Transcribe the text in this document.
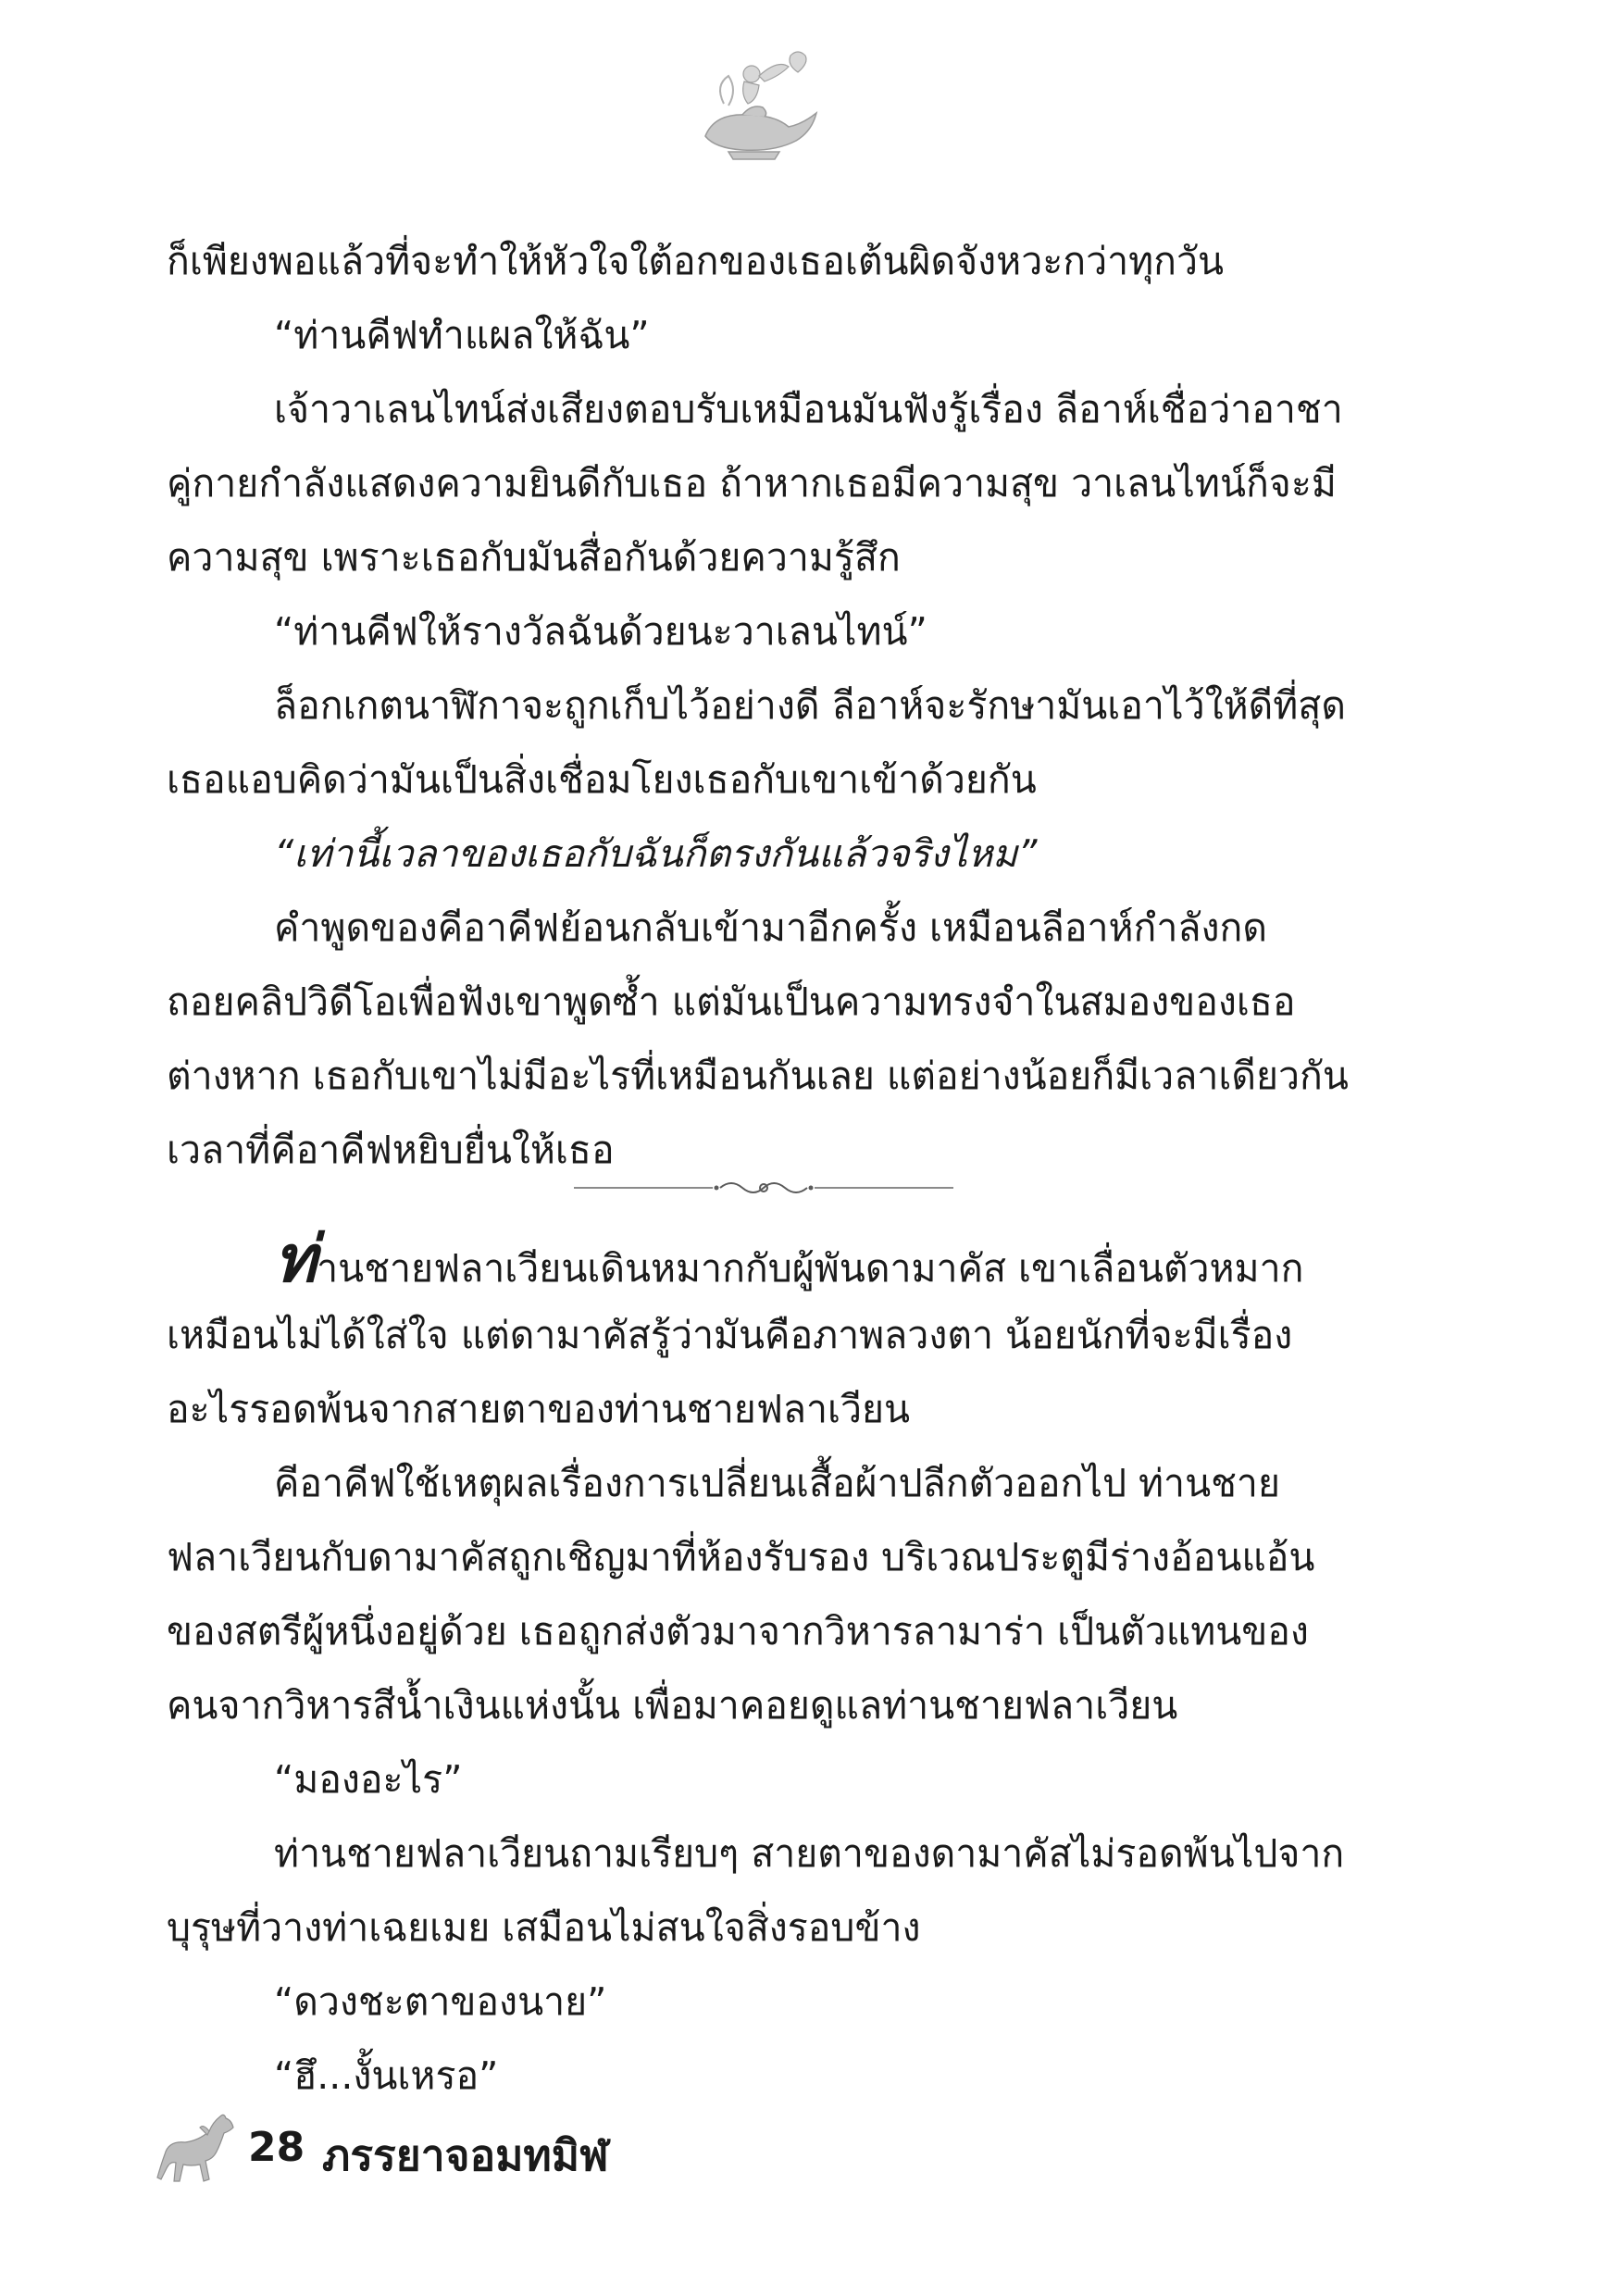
ก็เพียงพอแล้วที่จะทำให้หัวใจใต้อกของเธอเต้นผิดจังหวะกว่าทุกวัน
“ท่านคีฟทำแผลให้ฉัน”
เจ้าวาเลนไทน์ส่งเสียงตอบรับเหมือนมันฟังรู้เรื่อง ลีอาห์เชื่อว่าอาชา
คู่กายกำลังแสดงความยินดีกับเธอ ถ้าหากเธอมีความสุข วาเลนไทน์ก็จะมี
ความสุข เพราะเธอกับมันสื่อกันด้วยความรู้สึก
“ท่านคีฟให้รางวัลฉันด้วยนะวาเลนไทน์”
ล็อกเกตนาฬิกาจะถูกเก็บไว้อย่างดี ลีอาห์จะรักษามันเอาไว้ให้ดีที่สุด
เธอแอบคิดว่ามันเป็นสิ่งเชื่อมโยงเธอกับเขาเข้าด้วยกัน
“เท่านี้เวลาของเธอกับฉันก็ตรงกันแล้วจริงไหม”
คำพูดของคีอาคีฟย้อนกลับเข้ามาอีกครั้ง เหมือนลีอาห์กำลังกด
ถอยคลิปวิดีโอเพื่อฟังเขาพูดซ้ำ แต่มันเป็นความทรงจำในสมองของเธอ
ต่างหาก เธอกับเขาไม่มีอะไรที่เหมือนกันเลย แต่อย่างน้อยก็มีเวลาเดียวกัน
เวลาที่คีอาคีฟหยิบยื่นให้เธอ
ท่านชายฟลาเวียนเดินหมากกับผู้พันดามาคัส เขาเลื่อนตัวหมาก
เหมือนไม่ได้ใส่ใจ แต่ดามาคัสรู้ว่ามันคือภาพลวงตา น้อยนักที่จะมีเรื่อง
อะไรรอดพ้นจากสายตาของท่านชายฟลาเวียน
คีอาคีฟใช้เหตุผลเรื่องการเปลี่ยนเสื้อผ้าปลีกตัวออกไป ท่านชาย
ฟลาเวียนกับดามาคัสถูกเชิญมาที่ห้องรับรอง บริเวณประตูมีร่างอ้อนแอ้น
ของสตรีผู้หนึ่งอยู่ด้วย เธอถูกส่งตัวมาจากวิหารลามาร่า เป็นตัวแทนของ
คนจากวิหารสีน้ำเงินแห่งนั้น เพื่อมาคอยดูแลท่านชายฟลาเวียน
“มองอะไร”
ท่านชายฟลาเวียนถามเรียบๆ สายตาของดามาคัสไม่รอดพ้นไปจาก
บุรุษที่วางท่าเฉยเมย เสมือนไม่สนใจสิ่งรอบข้าง
“ดวงชะตาของนาย”
“ฮึ...งั้นเหรอ”
28 ภรรยาจอมทมิฬ
